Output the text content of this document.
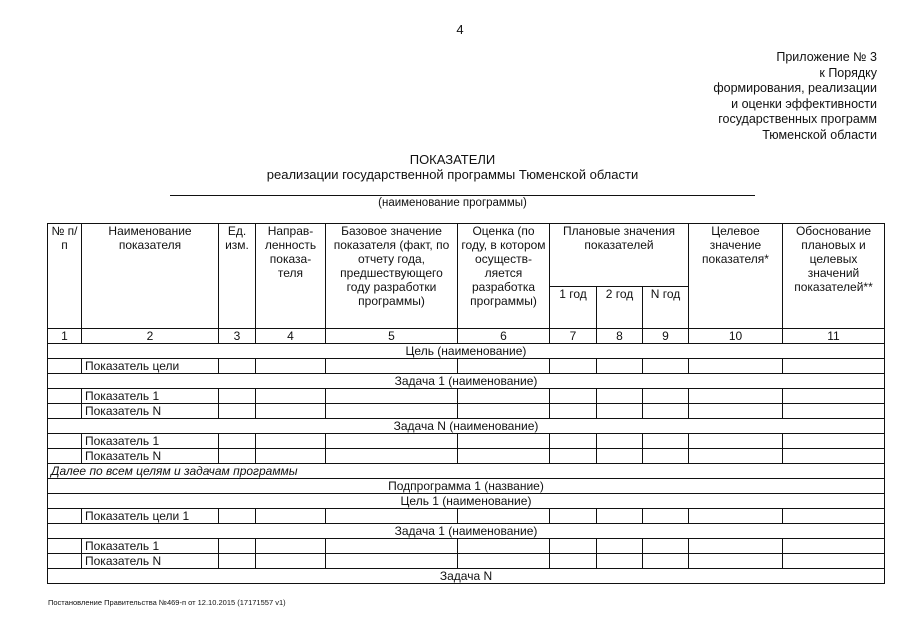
4
Приложение № 3
к Порядку
формирования, реализации
и оценки эффективности
государственных программ
Тюменской области
ПОКАЗАТЕЛИ
реализации государственной программы Тюменской области
(наименование программы)
№ п/п	Наименование показателя	Ед. изм.	Направ-ленность показа-теля	Базовое значение показателя (факт, по отчету года, предшествующего году разработки программы)	Оценка (по году, в котором осуществ-ляется разработка программы)	Плановые значения показателей			Целевое значение показателя*	Обоснование плановых и целевых значений показателей**
						1 год	2 год	N год		
1	2	3	4	5	6	7	8	9	10	11
Цель (наименование)										
	Показатель цели									
Задача 1 (наименование)										
	Показатель 1									
	Показатель N									
Задача N (наименование)										
	Показатель 1									
	Показатель N									
Далее по всем целям и задачам программы										
Подпрограмма 1 (название)										
Цель 1 (наименование)										
	Показатель цели 1									
Задача 1 (наименование)										
	Показатель 1									
	Показатель N									
Задача N										
Постановление Правительства №469-п от 12.10.2015 (17171557 v1)
